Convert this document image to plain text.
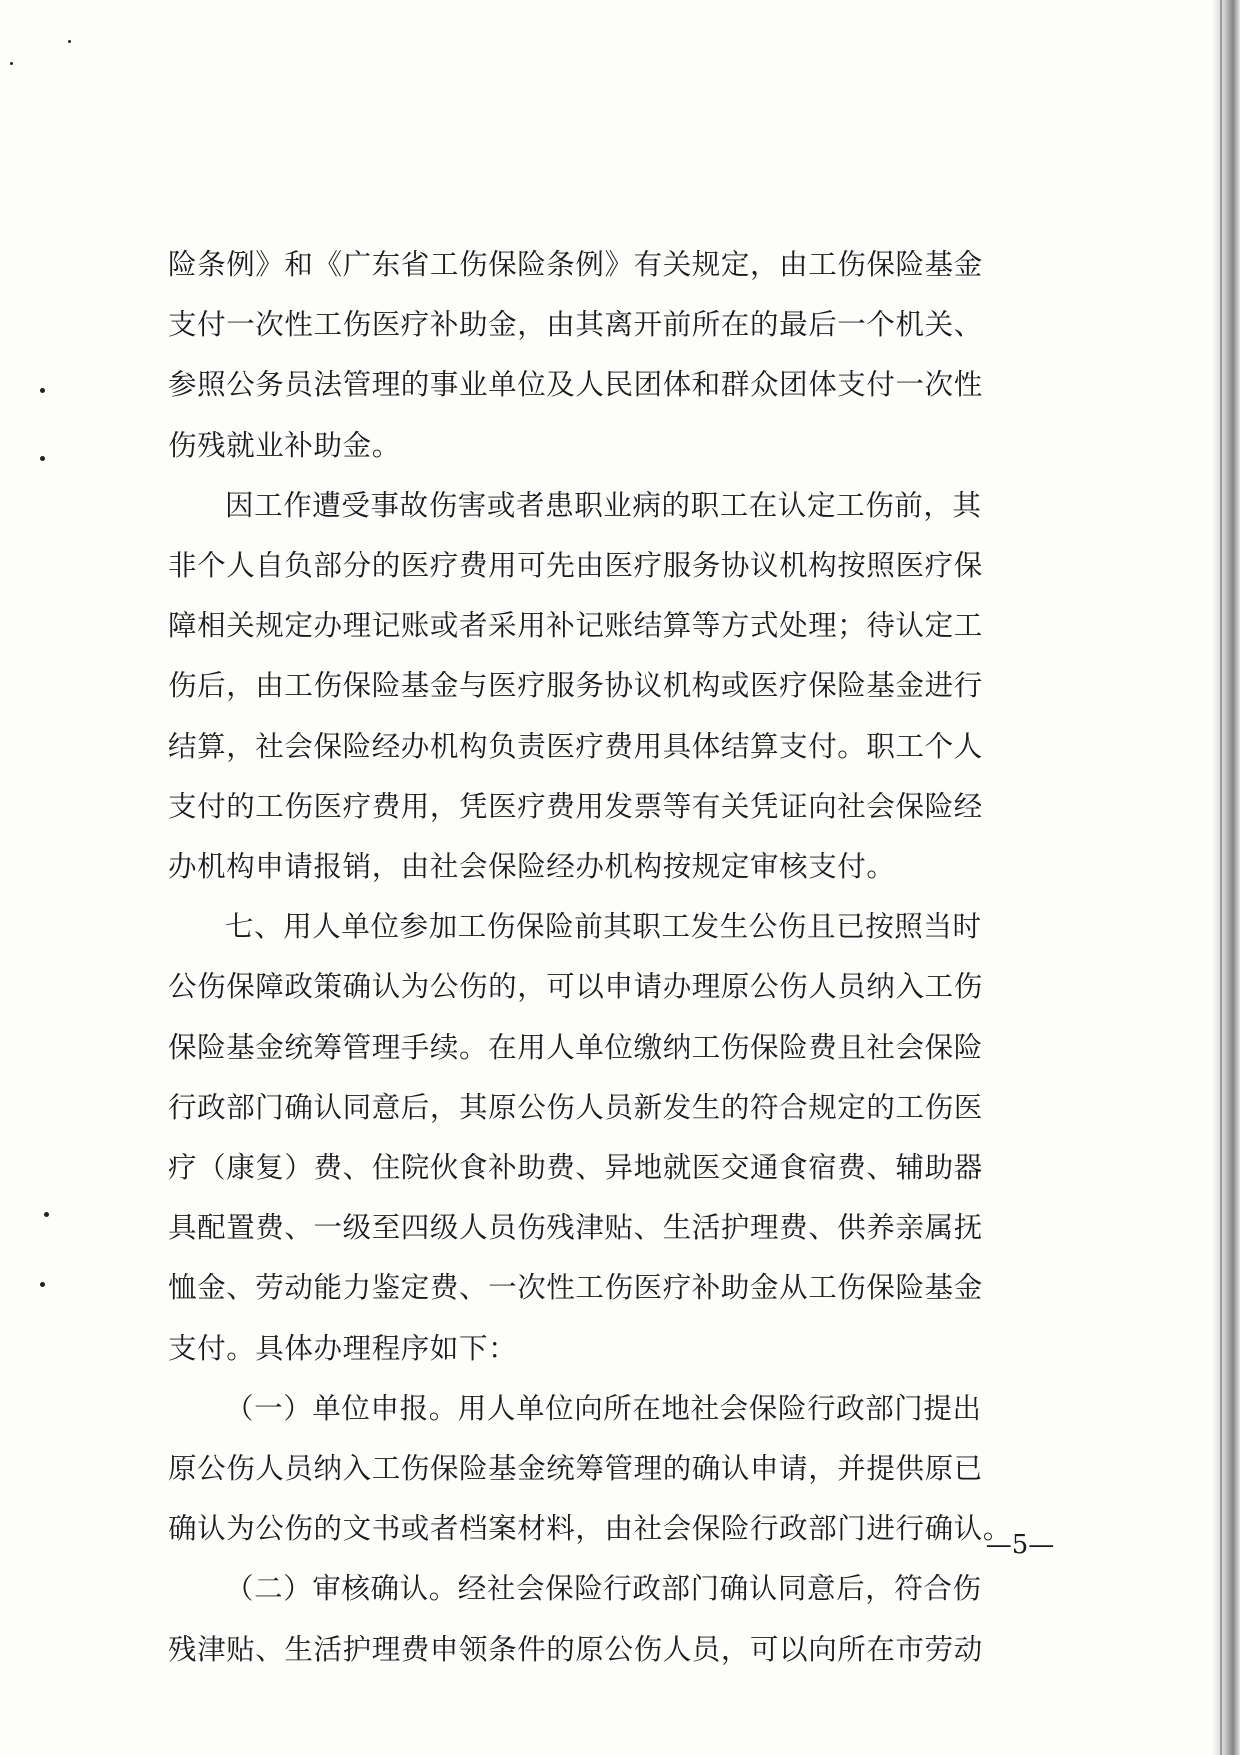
险条例》和《广东省工伤保险条例》有关规定，由工伤保险基金
支付一次性工伤医疗补助金，由其离开前所在的最后一个机关、
参照公务员法管理的事业单位及人民团体和群众团体支付一次性
伤残就业补助金。

因工作遭受事故伤害或者患职业病的职工在认定工伤前，其
非个人自负部分的医疗费用可先由医疗服务协议机构按照医疗保
障相关规定办理记账或者采用补记账结算等方式处理；待认定工
伤后，由工伤保险基金与医疗服务协议机构或医疗保险基金进行
结算，社会保险经办机构负责医疗费用具体结算支付。职工个人
支付的工伤医疗费用，凭医疗费用发票等有关凭证向社会保险经
办机构申请报销，由社会保险经办机构按规定审核支付。

七、用人单位参加工伤保险前其职工发生公伤且已按照当时
公伤保障政策确认为公伤的，可以申请办理原公伤人员纳入工伤
保险基金统筹管理手续。在用人单位缴纳工伤保险费且社会保险
行政部门确认同意后，其原公伤人员新发生的符合规定的工伤医
疗（康复）费、住院伙食补助费、异地就医交通食宿费、辅助器
具配置费、一级至四级人员伤残津贴、生活护理费、供养亲属抚
恤金、劳动能力鉴定费、一次性工伤医疗补助金从工伤保险基金
支付。具体办理程序如下：

（一）单位申报。用人单位向所在地社会保险行政部门提出
原公伤人员纳入工伤保险基金统筹管理的确认申请，并提供原已
确认为公伤的文书或者档案材料，由社会保险行政部门进行确认。

（二）审核确认。经社会保险行政部门确认同意后，符合伤
残津贴、生活护理费申领条件的原公伤人员，可以向所在市劳动

—5—
